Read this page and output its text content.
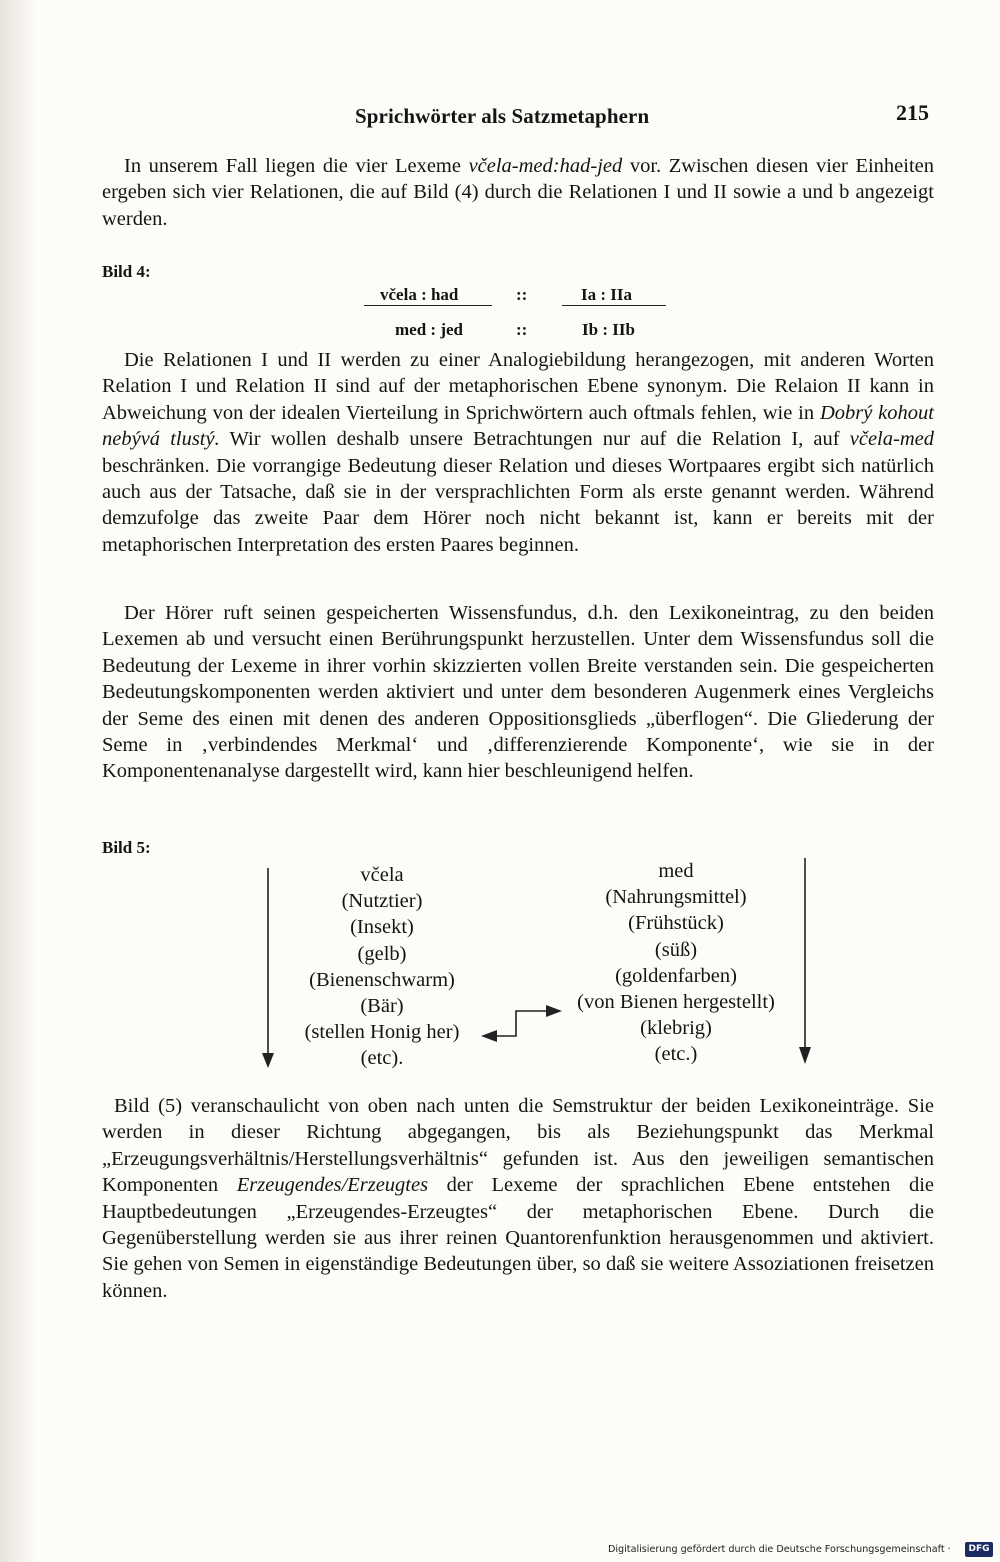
Sprichwörter als Satzmetaphern	215

In unserem Fall liegen die vier Lexeme včela-med:had-jed vor. Zwischen diesen vier Einheiten ergeben sich vier Relationen, die auf Bild (4) durch die Relationen I und II sowie a und b angezeigt werden.

Bild 4:
včela : had	::	Ia : IIa
med : jed	::	Ib : IIb

Die Relationen I und II werden zu einer Analogiebildung herangezogen, mit anderen Worten Relation I und Relation II sind auf der metaphorischen Ebene synonym. Die Relaion II kann in Abweichung von der idealen Vierteilung in Sprichwörtern auch oftmals fehlen, wie in Dobrý kohout nebývá tlustý. Wir wollen deshalb unsere Betrachtungen nur auf die Relation I, auf včela-med beschränken. Die vorrangige Bedeutung dieser Relation und dieses Wortpaares ergibt sich natürlich auch aus der Tatsache, daß sie in der versprachlichten Form als erste genannt werden. Während demzufolge das zweite Paar dem Hörer noch nicht bekannt ist, kann er bereits mit der metaphorischen Interpretation des ersten Paares beginnen.

Der Hörer ruft seinen gespeicherten Wissensfundus, d.h. den Lexikoneintrag, zu den beiden Lexemen ab und versucht einen Berührungspunkt herzustellen. Unter dem Wissensfundus soll die Bedeutung der Lexeme in ihrer vorhin skizzierten vollen Breite verstanden sein. Die gespeicherten Bedeutungskomponenten werden aktiviert und unter dem besonderen Augenmerk eines Vergleichs der Seme des einen mit denen des anderen Oppositionsglieds „überflogen“. Die Gliederung der Seme in ‚verbindendes Merkmal‘ und ‚differenzierende Komponente‘, wie sie in der Komponentenanalyse dargestellt wird, kann hier beschleunigend helfen.

Bild 5:
včela
(Nutztier)
(Insekt)
(gelb)
(Bienenschwarm)
(Bär)
(stellen Honig her)
(etc).
med
(Nahrungsmittel)
(Frühstück)
(süß)
(goldenfarben)
(von Bienen hergestellt)
(klebrig)
(etc.)

Bild (5) veranschaulicht von oben nach unten die Semstruktur der beiden Lexikoneinträge. Sie werden in dieser Richtung abgegangen, bis als Beziehungspunkt das Merkmal „Erzeugungsverhältnis/Herstellungsverhältnis“ gefunden ist. Aus den jeweiligen semantischen Komponenten Erzeugendes/Erzeugtes der Lexeme der sprachlichen Ebene entstehen die Hauptbedeutungen „Erzeugendes-Erzeugtes“ der metaphorischen Ebene. Durch die Gegenüberstellung werden sie aus ihrer reinen Quantorenfunktion herausgenommen und aktiviert. Sie gehen von Semen in eigenständige Bedeutungen über, so daß sie weitere Assoziationen freisetzen können.

Digitalisierung gefördert durch die Deutsche Forschungsgemeinschaft ·	DFG
